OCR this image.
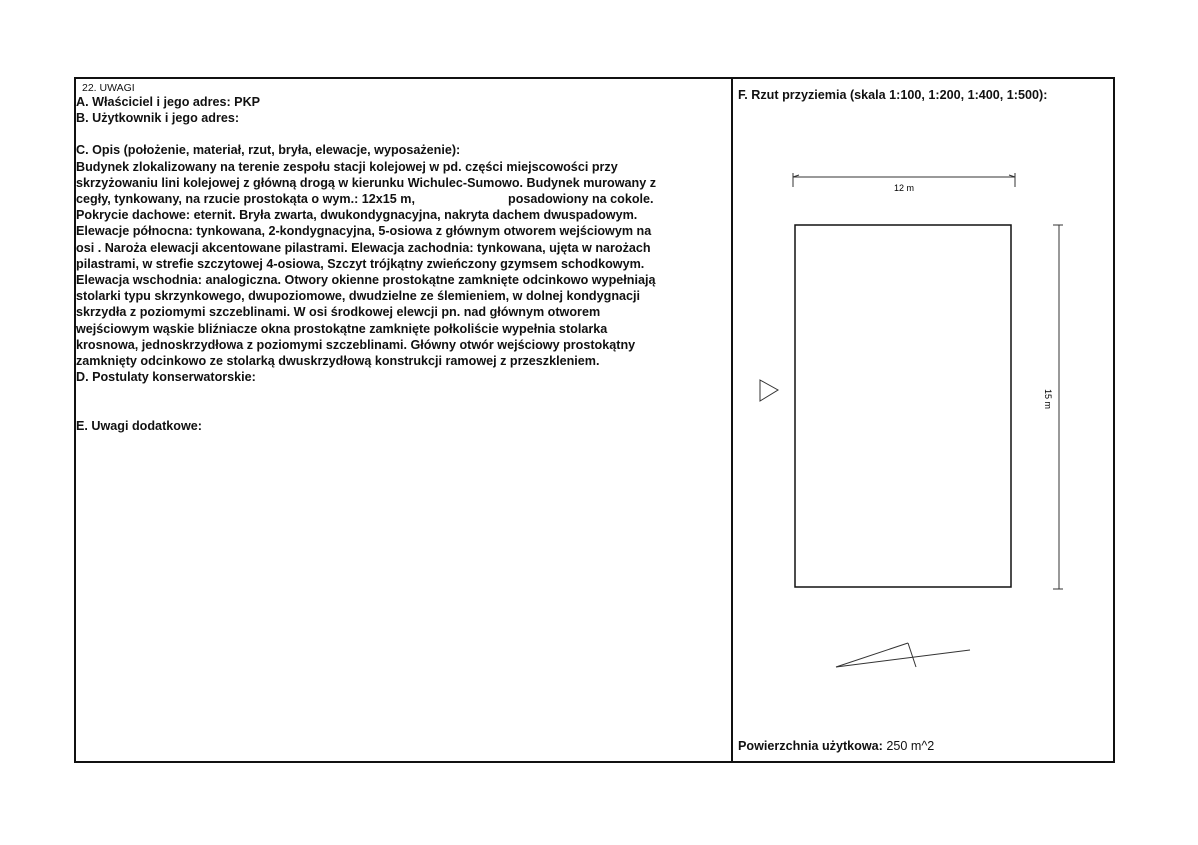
22. UWAGI
A. Właściciel i jego adres: PKP
B. Użytkownik i jego adres:
C. Opis (położenie, materiał, rzut, bryła, elewacje, wyposażenie):
Budynek zlokalizowany na terenie zespołu stacji kolejowej w pd. części miejscowości przy
skrzyżowaniu lini kolejowej z główną drogą w kierunku Wichulec-Sumowo. Budynek murowany z
cegły, tynkowany, na rzucie prostokąta o wym.: 12x15 m,	posadowiony na cokole.
Pokrycie dachowe: eternit. Bryła zwarta, dwukondygnacyjna, nakryta dachem dwuspadowym.
Elewacje północna: tynkowana, 2-kondygnacyjna, 5-osiowa z głównym otworem wejściowym na
osi . Naroża elewacji akcentowane pilastrami. Elewacja zachodnia: tynkowana, ujęta w narożach
pilastrami, w strefie szczytowej 4-osiowa, Szczyt trójkątny zwieńczony gzymsem schodkowym.
Elewacja wschodnia: analogiczna. Otwory okienne prostokątne zamknięte odcinkowo wypełniają
stolarki typu skrzynkowego, dwupoziomowe, dwudzielne ze ślemieniem, w dolnej kondygnacji
skrzydła z poziomymi szczeblinami. W osi środkowej elewcji pn. nad głównym otworem
wejściowym wąskie bliźniacze okna prostokątne zamknięte połkoliście wypełnia stolarka
krosnowa, jednoskrzydłowa z poziomymi szczeblinami. Główny otwór wejściowy prostokątny
zamknięty odcinkowo ze stolarką dwuskrzydłową konstrukcji ramowej z przeszkleniem.
D. Postulaty konserwatorskie:
E. Uwagi dodatkowe:
F. Rzut przyziemia (skala 1:100, 1:200, 1:400, 1:500):
12 m
15 m
Powierzchnia użytkowa: 250 m^2
